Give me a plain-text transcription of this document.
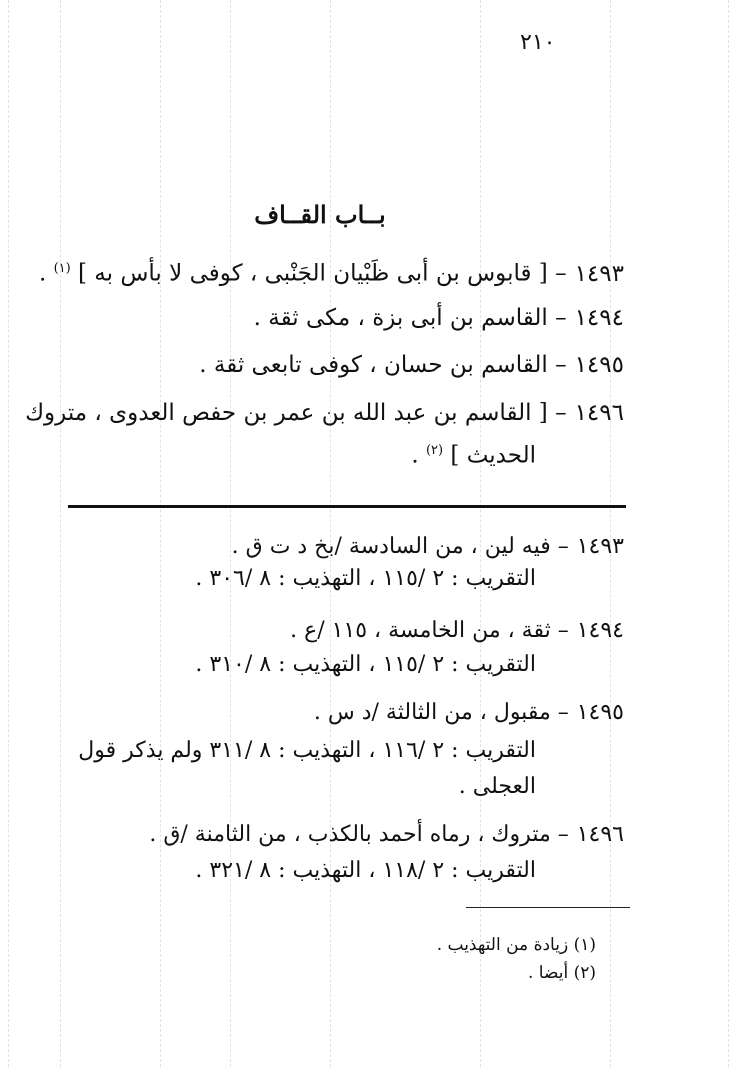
٢١٠
بــاب القــاف
١٤٩٣– [ قابوس بن أبى ظَبْيان الجَنْبى ، كوفى لا بأس به ] $^{(١)}$ .
١٤٩٤– القاسم بن أبى بزة ، مكى ثقة .
١٤٩٥– القاسم بن حسان ، كوفى تابعى ثقة .
١٤٩٦– [ القاسم بن عبد الله بن عمر بن حفص العدوى ، متروك
الحديث ] $^{(٢)}$ .
١٤٩٣– فيه لين ، من السادسة /بخ د ت ق .
التقريب : ٢ /١١٥ ، التهذيب : ٨ /٣٠٦ .
١٤٩٤– ثقة ، من الخامسة ، ١١٥ /ع .
التقريب : ٢ /١١٥ ، التهذيب : ٨ /٣١٠ .
١٤٩٥– مقبول ، من الثالثة /د س .
التقريب : ٢ /١١٦ ، التهذيب : ٨ /٣١١ ولم يذكر قول
العجلى .
١٤٩٦– متروك ، رماه أحمد بالكذب ، من الثامنة /ق .
التقريب : ٢ /١١٨ ، التهذيب : ٨ /٣٢١ .
(١) زيادة من التهذيب .
(٢) أيضا .
